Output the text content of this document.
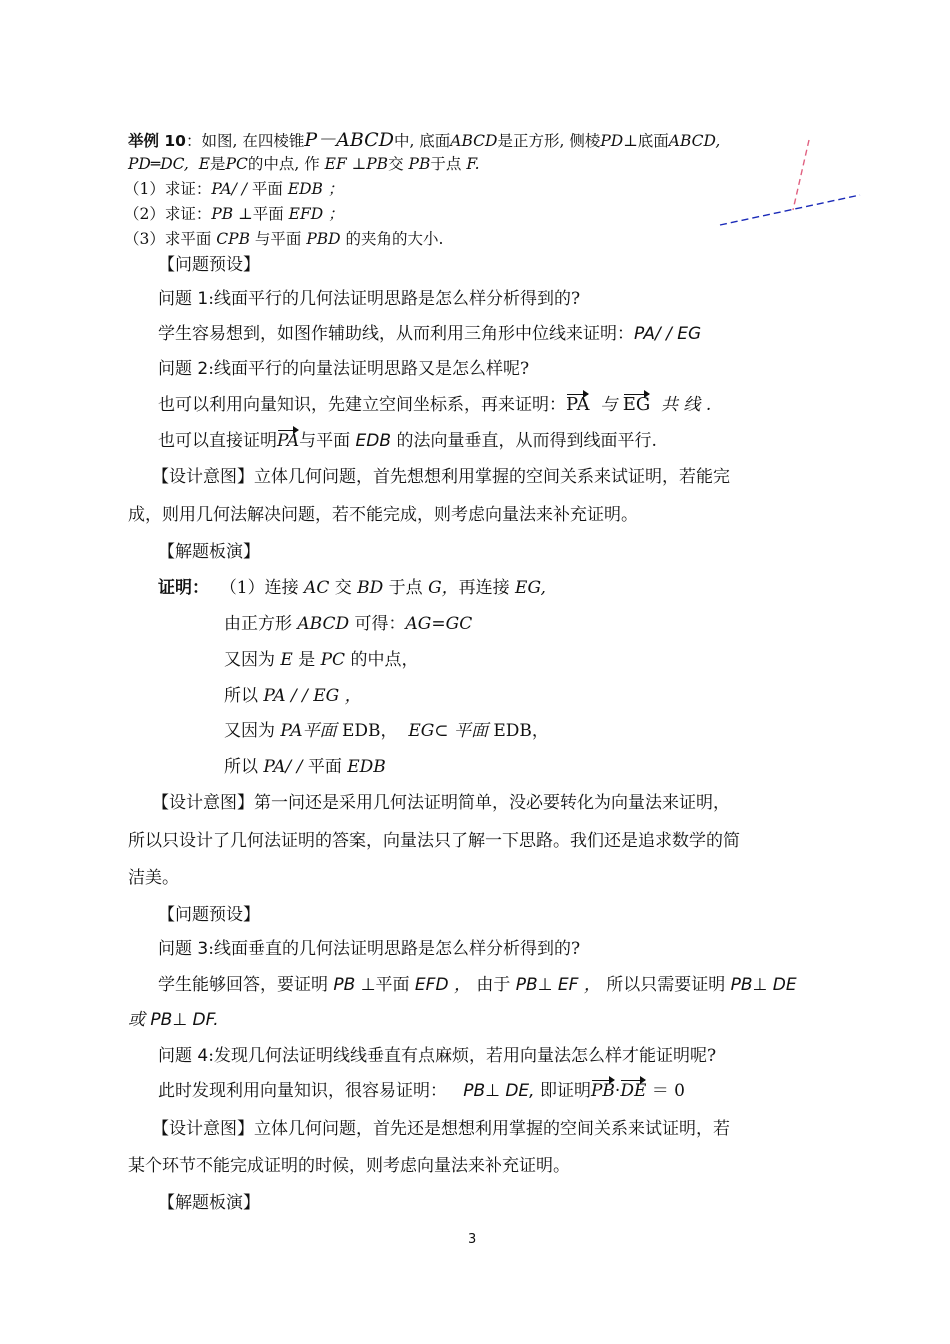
举例 10：如图, 在四棱锥P－ABCD中, 底面ABCD是正方形, 侧棱PD⊥底面ABCD,
PD═DC, E是PC的中点, 作 EF ⊥PB交 PB于点 F.
（1）求证：PA/ / 平面 EDB ；
（2）求证：PB ⊥平面 EFD ；
（3）求平面 CPB 与平面 PBD 的夹角的大小.
【问题预设】
问题 1:线面平行的几何法证明思路是怎么样分析得到的?
学生容易想到，如图作辅助线，从而利用三角形中位线来证明：PA/ / EG
问题 2:线面平行的向量法证明思路又是怎么样呢?
也可以利用向量知识，先建立空间坐标系，再来证明：PA 与 EG 共 线 .
也可以直接证明PA与平面 EDB 的法向量垂直，从而得到线面平行.
【设计意图】立体几何问题，首先想想利用掌握的空间关系来试证明，若能完
成，则用几何法解决问题，若不能完成，则考虑向量法来补充证明。
【解题板演】
证明： （1）连接 AC 交 BD 于点 G，再连接 EG,
由正方形 ABCD 可得：AG=GC
又因为 E 是 PC 的中点，
所以 PA / / EG ，
又因为 PA平面 EDB， EG⊂ 平面 EDB，
所以 PA/ / 平面 EDB
【设计意图】第一问还是采用几何法证明简单，没必要转化为向量法来证明，
所以只设计了几何法证明的答案，向量法只了解一下思路。我们还是追求数学的简
洁美。
【问题预设】
问题 3:线面垂直的几何法证明思路是怎么样分析得到的?
学生能够回答，要证明 PB ⊥平面 EFD ， 由于 PB⊥ EF ， 所以只需要证明 PB⊥ DE
或 PB⊥ DF.
问题 4:发现几何法证明线线垂直有点麻烦，若用向量法怎么样才能证明呢?
此时发现利用向量知识，很容易证明：   PB⊥ DE, 即证明PB·DE ＝ 0
【设计意图】立体几何问题，首先还是想想利用掌握的空间关系来试证明，若
某个环节不能完成证明的时候，则考虑向量法来补充证明。
【解题板演】
3
